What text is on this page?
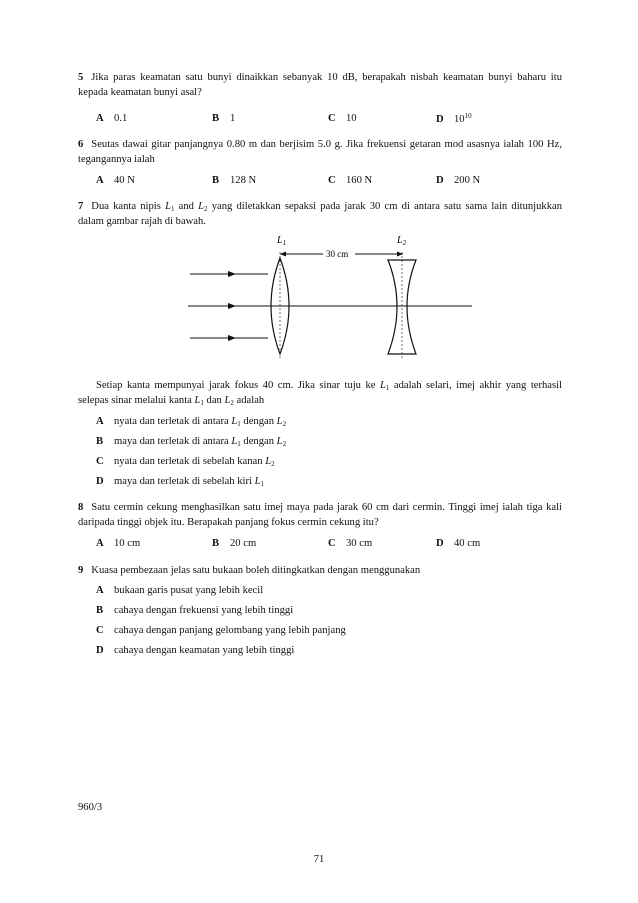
5 Jika paras keamatan satu bunyi dinaikkan sebanyak 10 dB, berapakah nisbah keamatan bunyi baharu itu kepada keamatan bunyi asal?
A 0.1	B 1	C 10	D $10^{10}$
6 Seutas dawai gitar panjangnya 0.80 m dan berjisim 5.0 g. Jika frekuensi getaran mod asasnya ialah 100 Hz, tegangannya ialah
A 40 N	B 128 N	C 160 N	D 200 N
7 Dua kanta nipis $L_1$ and $L_2$ yang diletakkan sepaksi pada jarak 30 cm di antara satu sama lain ditunjukkan dalam gambar rajah di bawah.
$L_1$	$L_2$
30 cm
Setiap kanta mempunyai jarak fokus 40 cm. Jika sinar tuju ke $L_1$ adalah selari, imej akhir yang terhasil selepas sinar melalui kanta $L_1$ dan $L_2$ adalah
A nyata dan terletak di antara $L_1$ dengan $L_2$
B maya dan terletak di antara $L_1$ dengan $L_2$
C nyata dan terletak di sebelah kanan $L_2$
D maya dan terletak di sebelah kiri $L_1$
8 Satu cermin cekung menghasilkan satu imej maya pada jarak 60 cm dari cermin. Tinggi imej ialah tiga kali daripada tinggi objek itu. Berapakah panjang fokus cermin cekung itu?
A 10 cm	B 20 cm	C 30 cm	D 40 cm
9 Kuasa pembezaan jelas satu bukaan boleh ditingkatkan dengan menggunakan
A bukaan garis pusat yang lebih kecil
B cahaya dengan frekuensi yang lebih tinggi
C cahaya dengan panjang gelombang yang lebih panjang
D cahaya dengan keamatan yang lebih tinggi
960/3
71
